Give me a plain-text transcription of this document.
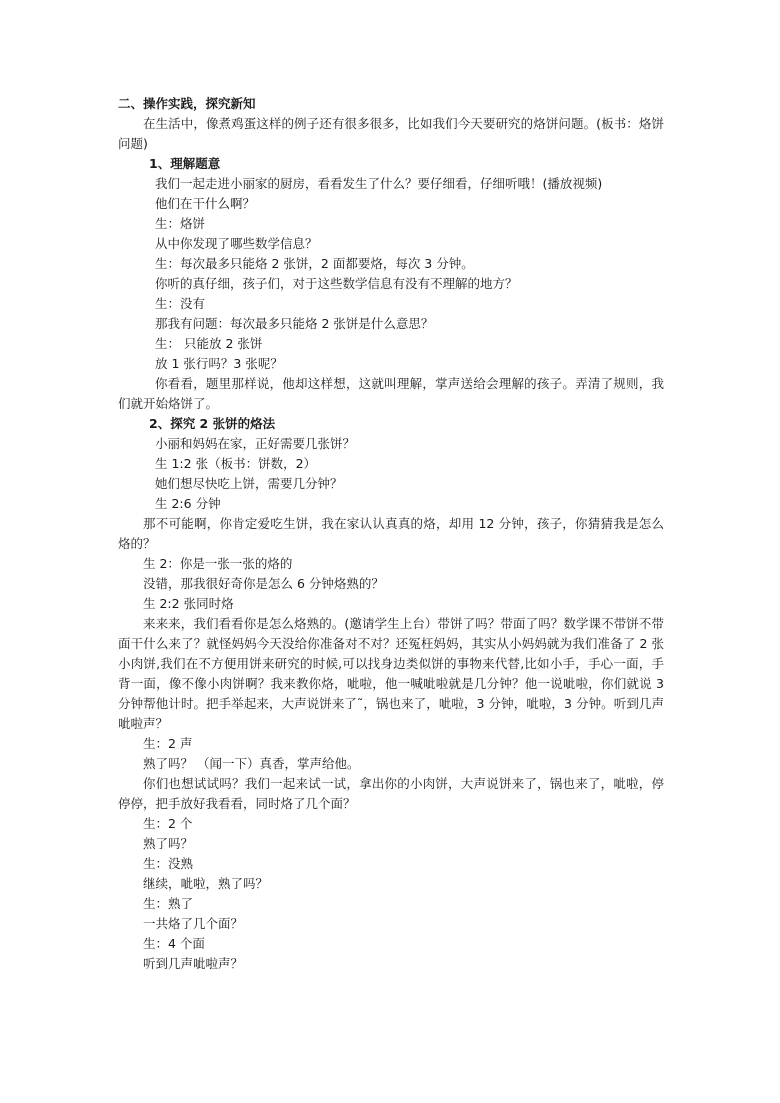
二、操作实践，探究新知
在生活中，像煮鸡蛋这样的例子还有很多很多，比如我们今天要研究的烙饼问题。(板书：烙饼问题)
1、理解题意
我们一起走进小丽家的厨房，看看发生了什么？要仔细看，仔细听哦！(播放视频)
他们在干什么啊？
生：烙饼
从中你发现了哪些数学信息？
生：每次最多只能烙 2 张饼，2 面都要烙，每次 3 分钟。
你听的真仔细，孩子们，对于这些数学信息有没有不理解的地方？
生：没有
那我有问题：每次最多只能烙 2 张饼是什么意思？
生： 只能放 2 张饼
放 1 张行吗？3 张呢？
你看看，题里那样说，他却这样想，这就叫理解，掌声送给会理解的孩子。弄清了规则，我们就开始烙饼了。
2、探究 2 张饼的烙法
小丽和妈妈在家，正好需要几张饼？
生 1:2 张（板书：饼数，2）
她们想尽快吃上饼，需要几分钟？
生 2:6 分钟
那不可能啊，你肯定爱吃生饼，我在家认认真真的烙，却用 12 分钟，孩子，你猜猜我是怎么烙的？
生 2：你是一张一张的烙的
没错，那我很好奇你是怎么 6 分钟烙熟的？
生 2:2 张同时烙
来来来，我们看看你是怎么烙熟的。(邀请学生上台）带饼了吗？带面了吗？数学课不带饼不带面干什么来了？就怪妈妈今天没给你准备对不对？还冤枉妈妈，其实从小妈妈就为我们准备了 2 张小肉饼,我们在不方便用饼来研究的时候,可以找身边类似饼的事物来代替,比如小手，手心一面，手背一面，像不像小肉饼啊？我来教你烙，呲啦，他一喊呲啦就是几分钟？他一说呲啦，你们就说 3 分钟帮他计时。把手举起来，大声说饼来了˜，锅也来了，呲啦，3 分钟，呲啦，3 分钟。听到几声呲啦声？
生：2 声
熟了吗？ （闻一下）真香，掌声给他。
你们也想试试吗？我们一起来试一试，拿出你的小肉饼，大声说饼来了，锅也来了，呲啦，停停停，把手放好我看看，同时烙了几个面？
生：2 个
熟了吗？
生：没熟
继续，呲啦，熟了吗？
生：熟了
一共烙了几个面？
生：4 个面
听到几声呲啦声？
